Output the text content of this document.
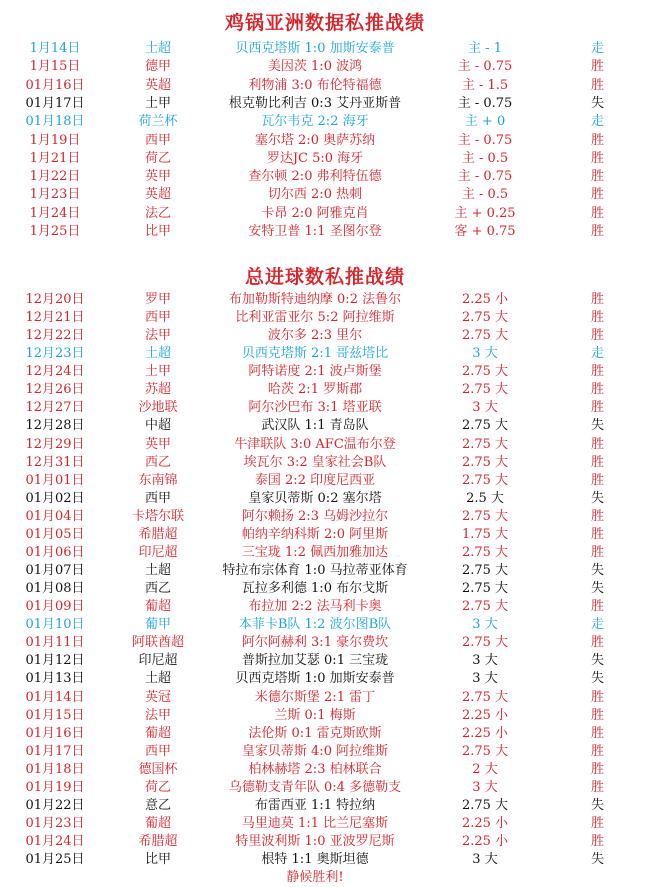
鸡锅亚洲数据私推战绩
1月14日	土超	贝西克塔斯 1:0 加斯安泰普	主 - 1	走
1月15日	德甲	美因茨 1:0 波鸿	主 - 0.75	胜
01月16日	英超	利物浦 3:0 布伦特福德	主 - 1.5	胜
01月17日	土甲	根克勒比利吉 0:3 艾丹亚斯普	主 - 0.75	失
01月18日	荷兰杯	瓦尔韦克 2:2 海牙	主 + 0	走
1月19日	西甲	塞尔塔 2:0 奥萨苏纳	主 - 0.75	胜
1月21日	荷乙	罗达JC 5:0 海牙	主 - 0.5	胜
1月22日	英甲	查尔顿 2:0 弗利特伍德	主 - 0.75	胜
1月23日	英超	切尔西 2:0 热刺	主 - 0.5	胜
1月24日	法乙	卡昂 2:0 阿雅克肖	主 + 0.25	胜
1月25日	比甲	安特卫普 1:1 圣图尔登	客 + 0.75	胜
总进球数私推战绩
12月20日	罗甲	布加勒斯特迪纳摩 0:2 法鲁尔	2.25 小	胜
12月21日	西甲	比利亚雷亚尔 5:2 阿拉维斯	2.75 大	胜
12月22日	法甲	波尔多 2:3 里尔	2.75 大	胜
12月23日	土超	贝西克塔斯 2:1 哥兹塔比	3 大	走
12月24日	土甲	阿特诺度 2:1 波卢斯堡	2.75 大	胜
12月26日	苏超	哈茨 2:1 罗斯郡	2.75 大	胜
12月27日	沙地联	阿尔沙巴布 3:1 塔亚联	3 大	胜
12月28日	中超	武汉队 1:1 青岛队	2.75 大	失
12月29日	英甲	牛津联队 3:0 AFC温布尔登	2.75 大	胜
12月31日	西乙	埃瓦尔 3:2 皇家社会B队	2.75 大	胜
01月01日	东南锦	泰国 2:2 印度尼西亚	2.75 大	胜
01月02日	西甲	皇家贝蒂斯 0:2 塞尔塔	2.5 大	失
01月04日	卡塔尔联	阿尔赖扬 2:3 乌姆沙拉尔	2.75 大	胜
01月05日	希腊超	帕纳辛纳科斯 2:0 阿里斯	1.75 大	胜
01月06日	印尼超	三宝珑 1:2 佩西加雅加达	2.75 大	胜
01月07日	土超	特拉布宗体育 1:0 马拉蒂亚体育	2.75 大	失
01月08日	西乙	瓦拉多利德 1:0 布尔戈斯	2.75 大	失
01月09日	葡超	布拉加 2:2 法马利卡奥	2.75 大	胜
01月10日	葡甲	本菲卡B队 1:2 波尔图B队	3 大	走
01月11日	阿联酋超	阿尔阿赫利 3:1 豪尔费坎	2.75 大	胜
01月12日	印尼超	普斯拉加艾瑟 0:1 三宝珑	3 大	失
01月13日	土超	贝西克塔斯 1:0 加斯安泰普	3 大	失
01月14日	英冠	米德尔斯堡 2:1 雷丁	2.75 大	胜
01月15日	法甲	兰斯 0:1 梅斯	2.25 小	胜
01月16日	葡超	法伦斯 0:1 雷克斯欧斯	2.25 小	胜
01月17日	西甲	皇家贝蒂斯 4:0 阿拉维斯	2.75 大	胜
01月18日	德国杯	柏林赫塔 2:3 柏林联合	2 大	胜
01月19日	荷乙	乌德勒支青年队 0:4 多德勒支	3 大	胜
01月22日	意乙	布雷西亚 1:1 特拉纳	2.75 大	失
01月23日	葡超	马里迪莫 1:1 比兰尼塞斯	2.25 小	胜
01月24日	希腊超	特里波利斯 1:0 亚波罗尼斯	2.25 小	胜
01月25日	比甲	根特 1:1 奥斯坦德	3 大	失
静候胜利!
